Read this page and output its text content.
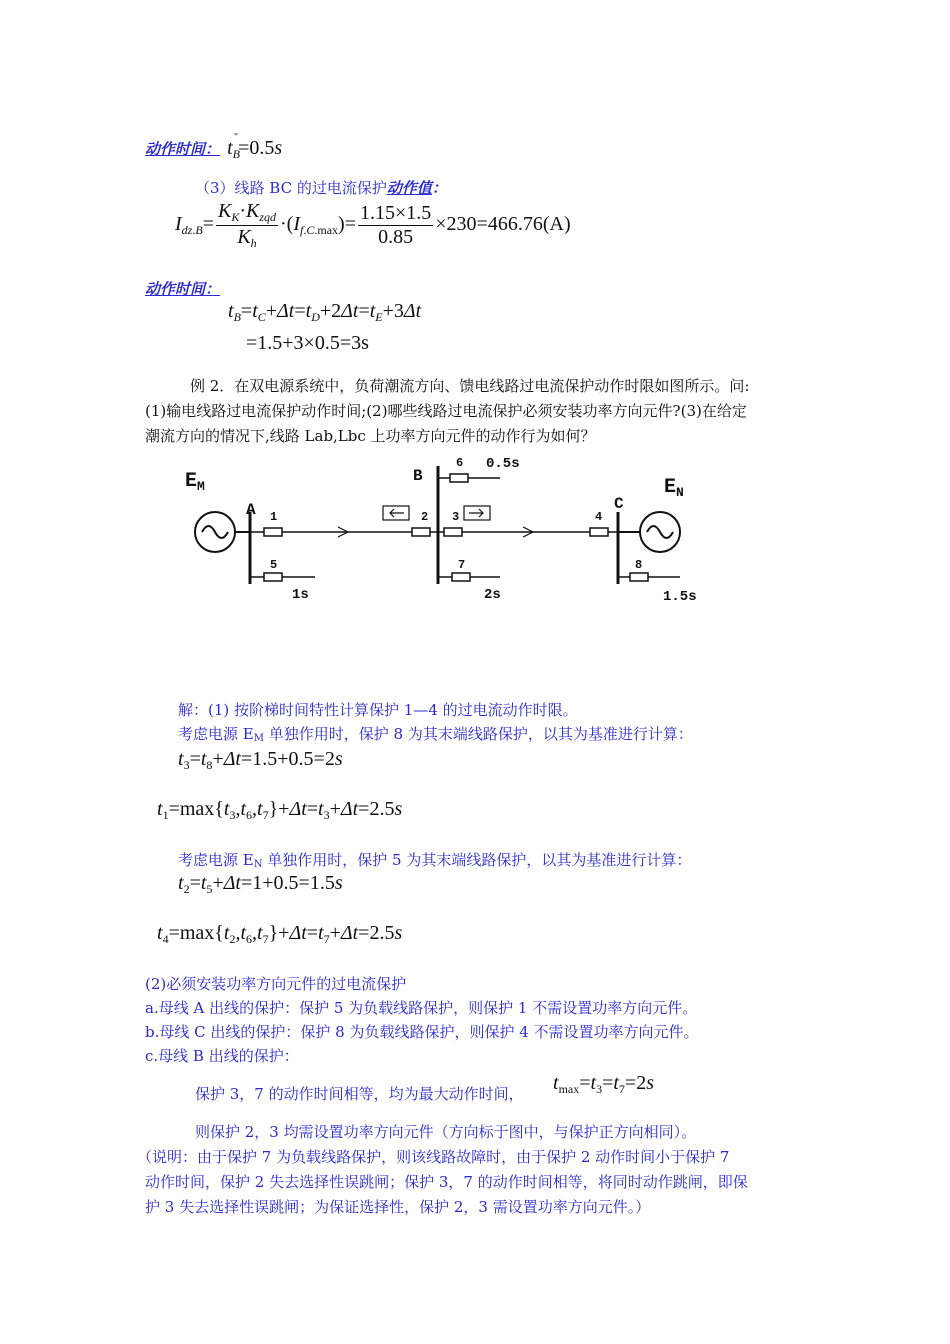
动作时间： $t_B^"=0.5s$
（3）线路 BC 的过电流保护动作值：
$I_{dz.B}= \frac{K_K\cdot K_{zqd}}{K_h} \cdot(I_{f.C.max})= \frac{1.15\times 1.5}{0.85} \times 230=466.76(A)$
动作时间：
$t_B=t_C+\Delta t=t_D+2\Delta t=t_E+3\Delta t$
=1.5+3×0.5=3s
例 2．在双电源系统中，负荷潮流方向、馈电线路过电流保护动作时限如图所示。问:
(1)输电线路过电流保护动作时间;(2)哪些线路过电流保护必须安装功率方向元件?(3)在给定
潮流方向的情况下,线路 Lab,Lbc 上功率方向元件的动作行为如何？
$E_M$
A 1	2
5
1s
B
6 0.5s
3	4
7
2s
C
$E_N$
8
1.5s
解：(1) 按阶梯时间特性计算保护 1—4 的过电流动作时限。
考虑电源 $E_M$ 单独作用时，保护 8 为其末端线路保护，以其为基准进行计算：
$t_3=t_8+\Delta t=1.5+0.5=2s$
$t_1=\max\{t_3,t_6,t_7\}+\Delta t=t_3+\Delta t=2.5s$
考虑电源 $E_N$ 单独作用时，保护 5 为其末端线路保护，以其为基准进行计算：
$t_2=t_5+\Delta t=1+0.5=1.5s$
$t_4=\max\{t_2,t_6,t_7\}+\Delta t=t_7+\Delta t=2.5s$
(2)必须安装功率方向元件的过电流保护
a.母线 A 出线的保护：保护 5 为负载线路保护，则保护 1 不需设置功率方向元件。
b.母线 C 出线的保护：保护 8 为负载线路保护，则保护 4 不需设置功率方向元件。
c.母线 B 出线的保护：
保护 3，7 的动作时间相等，均为最大动作时间， $t_{max}=t_3=t_7=2s$
则保护 2，3 均需设置功率方向元件（方向标于图中，与保护正方向相同）。
（说明：由于保护 7 为负载线路保护，则该线路故障时，由于保护 2 动作时间小于保护 7
动作时间，保护 2 失去选择性误跳闸；保护 3，7 的动作时间相等，将同时动作跳闸，即保
护 3 失去选择性误跳闸；为保证选择性，保护 2，3 需设置功率方向元件。）
